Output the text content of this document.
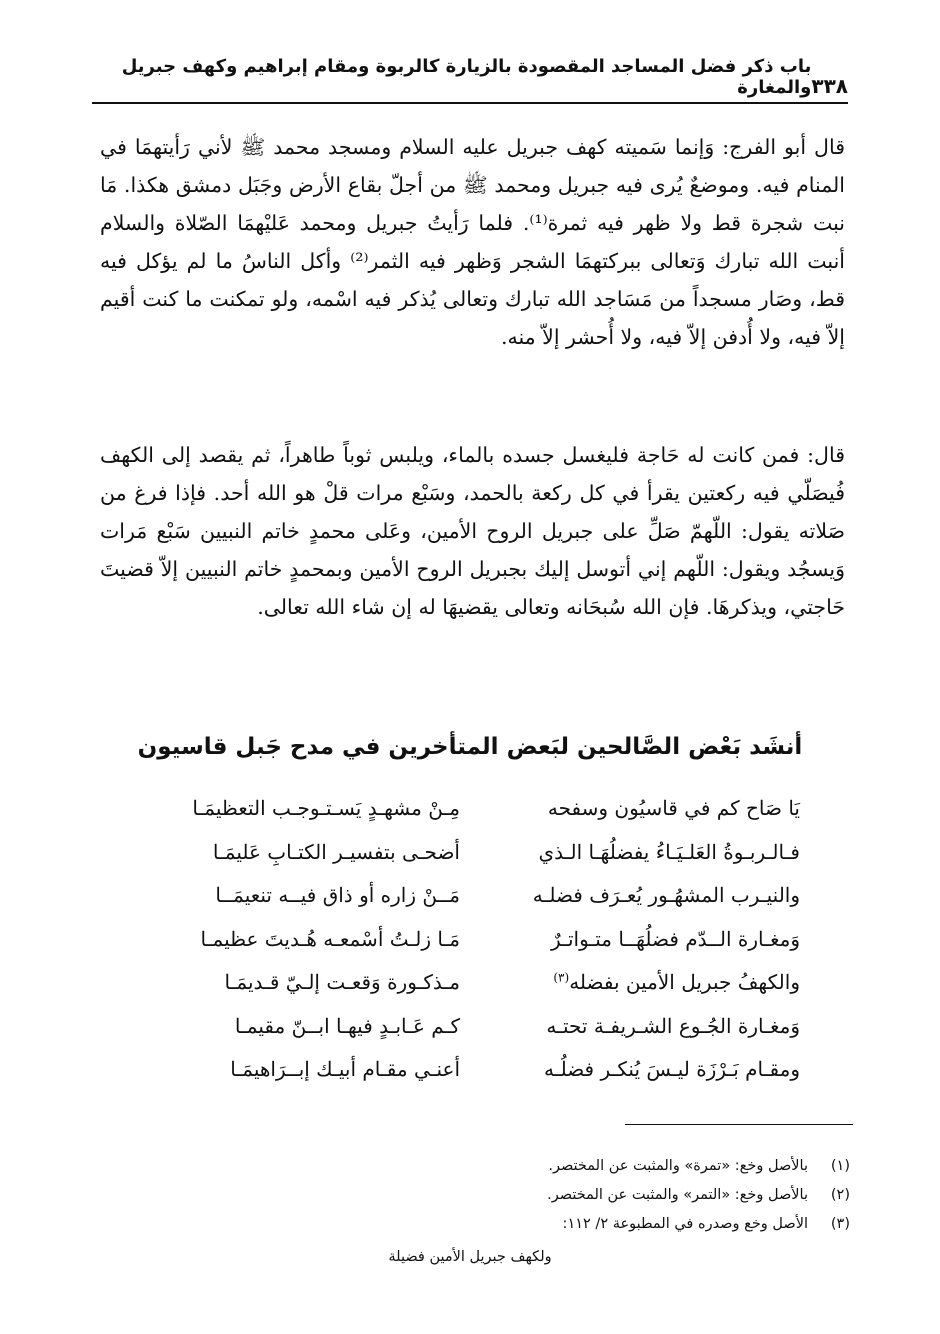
٣٣٨
باب ذكر فضل المساجد المقصودة بالزيارة كالربوة ومقام إبراهيم وكهف جبريل والمغارة

قال أبو الفرج: وَإنما سَميته كهف جبريل عليه السلام ومسجد محمد ﷺ لأني رَأيتهمَا في المنام فيه. وموضعٌ يُرى فيه جبريل ومحمد ﷺ من أجلّ بقاع الأرض وجَبَل دمشق هكذا. مَا نبت شجرة قط ولا ظهر فيه ثمرة⁽¹⁾. فلما رَأيتُ جبريل ومحمد عَليْهمَا الصّلاة والسلام أنبت الله تبارك وَتعالى ببركتهمَا الشجر وَظهر فيه الثمر⁽²⁾ وأكل الناسُ ما لم يؤكل فيه قط، وصَار مسجداً من مَسَاجد الله تبارك وتعالى يُذكر فيه اسْمه، ولو تمكنت ما كنت أقيم إلاّ فيه، ولا أُدفن إلاّ فيه، ولا أُحشر إلاّ منه.

قال: فمن كانت له حَاجة فليغسل جسده بالماء، ويلبس ثوباً طاهراً، ثم يقصد إلى الكهف فُيصَلّي فيه ركعتين يقرأ في كل ركعة بالحمد، وسَبْع مرات قلْ هو الله أحد. فإذا فرغ من صَلاته يقول: اللّهمّ صَلِّ على جبريل الروح الأمين، وعَلى محمدٍ خاتم النبيين سَبْع مَرات وَيسجُد ويقول: اللّهم إني أتوسل إليك بجبريل الروح الأمين وبمحمدٍ خاتم النبيين إلاّ قضيتَ حَاجتي، ويذكرهَا. فإن الله سُبحَانه وتعالى يقضيهَا له إن شاء الله تعالى.

أنشَد بَعْض الصَّالحين لبَعض المتأخرين في مدح جَبل قاسيون
يَا صَاح كم في قاسيُون وسفحه
مِـنْ مشهـدٍ يَسـتـوجـب التعظيمَـا
فـالـربـوةُ العَلـيَـاءُ يفضلُهَـا الـذي
أضحـى بتفسيـر الكتـابِ عَليمَـا
والنيـرب المشهُـور يُعـرَف فضلـه
مَــنْ زاره أو ذاق فيــه تنعيمَــا
وَمغـارة الــدّم فضلُهَــا متـواتـرٌ
مَـا زلـتُ أسْمعـه هُـديتَ عظيمـا
والكهفُ جبريل الأمين بفضله$^{(٣)}$
مـذكـورة وَقعـت إلـيّ قـديمَـا
وَمغـارة الجُـوع الشـريفـة تحتـه
كـم عَـابـدٍ فيهـا ابــنّ مقيمـا
ومقـام بَـرْزَة ليـسَ يُنكـر فضلُـه
أعنـي مقـام أبيـك إبــرَاهيمَـا
(١)
بالأصل وخع: «تمرة» والمثبت عن المختصر.
(٢)
بالأصل وخع: «التمر» والمثبت عن المختصر.
(٣)
الأصل وخع وصدره في المطبوعة ٢/ ١١٢:
ولكهف جبريل الأمين فضيلة
